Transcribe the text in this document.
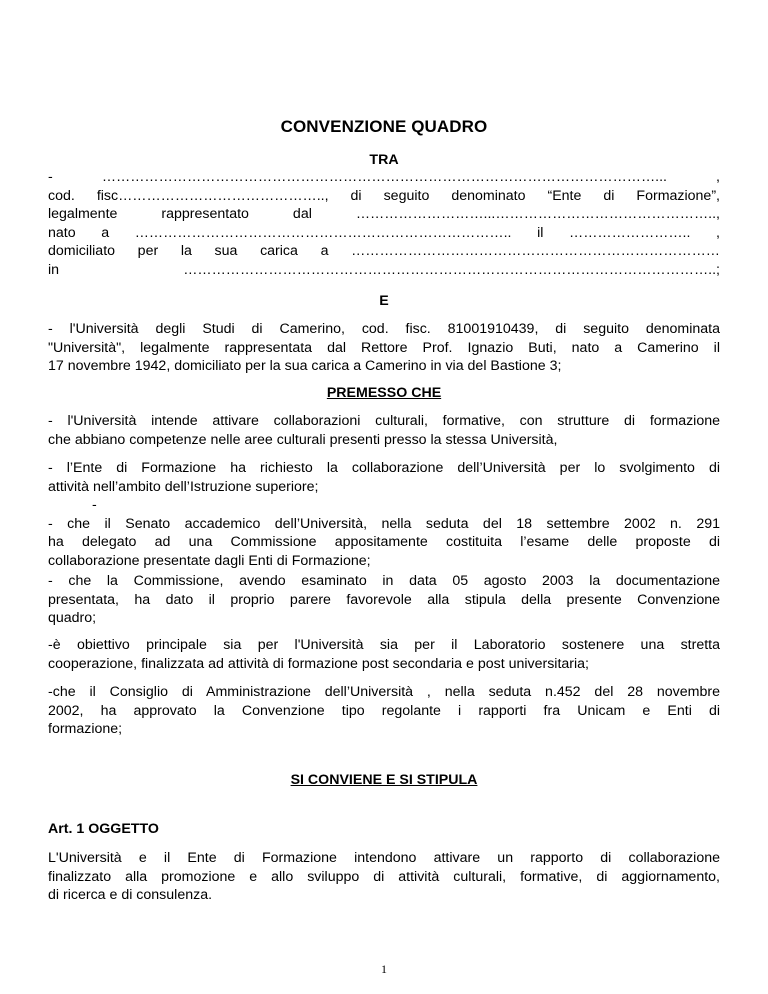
CONVENZIONE QUADRO
TRA
- ………………………………………………………………………………………………………... ,
cod. fisc…………………………………….., di seguito denominato “Ente di Formazione”,
legalmente rappresentato dal ………………………...………………………………………..,
nato a …………………………………………………………………….. il …………………….. ,
domiciliato per la sua carica a ……………………………………………………………………
in …………………………………………………………………………………………………..;
E
- l'Università degli Studi di Camerino, cod. fisc. 81001910439, di seguito denominata
"Università", legalmente rappresentata dal Rettore Prof. Ignazio Buti, nato a Camerino il
17 novembre 1942, domiciliato per la sua carica a Camerino in via del Bastione 3;
PREMESSO CHE
- l'Università intende attivare collaborazioni culturali, formative, con strutture di formazione
che abbiano competenze nelle aree culturali presenti presso la stessa Università,
- l’Ente di Formazione ha richiesto la collaborazione dell’Università per lo svolgimento di
attività nell’ambito dell’Istruzione superiore;
-
- che il Senato accademico dell’Università, nella seduta del 18 settembre 2002 n. 291
ha delegato ad una Commissione appositamente costituita l’esame delle proposte di
collaborazione presentate dagli Enti di Formazione;
- che la Commissione, avendo esaminato in data 05 agosto 2003 la documentazione
presentata, ha dato il proprio parere favorevole alla stipula della presente Convenzione
quadro;
-è obiettivo principale sia per l'Università sia per il Laboratorio sostenere una stretta
cooperazione, finalizzata ad attività di formazione post secondaria e post universitaria;
-che il Consiglio di Amministrazione dell’Università , nella seduta n.452 del 28 novembre
2002, ha approvato la Convenzione tipo regolante i rapporti fra Unicam e Enti di
formazione;
SI CONVIENE E SI STIPULA
Art. 1 OGGETTO
L'Università e il Ente di Formazione intendono attivare un rapporto di collaborazione
finalizzato alla promozione e allo sviluppo di attività culturali, formative, di aggiornamento,
di ricerca e di consulenza.
1
